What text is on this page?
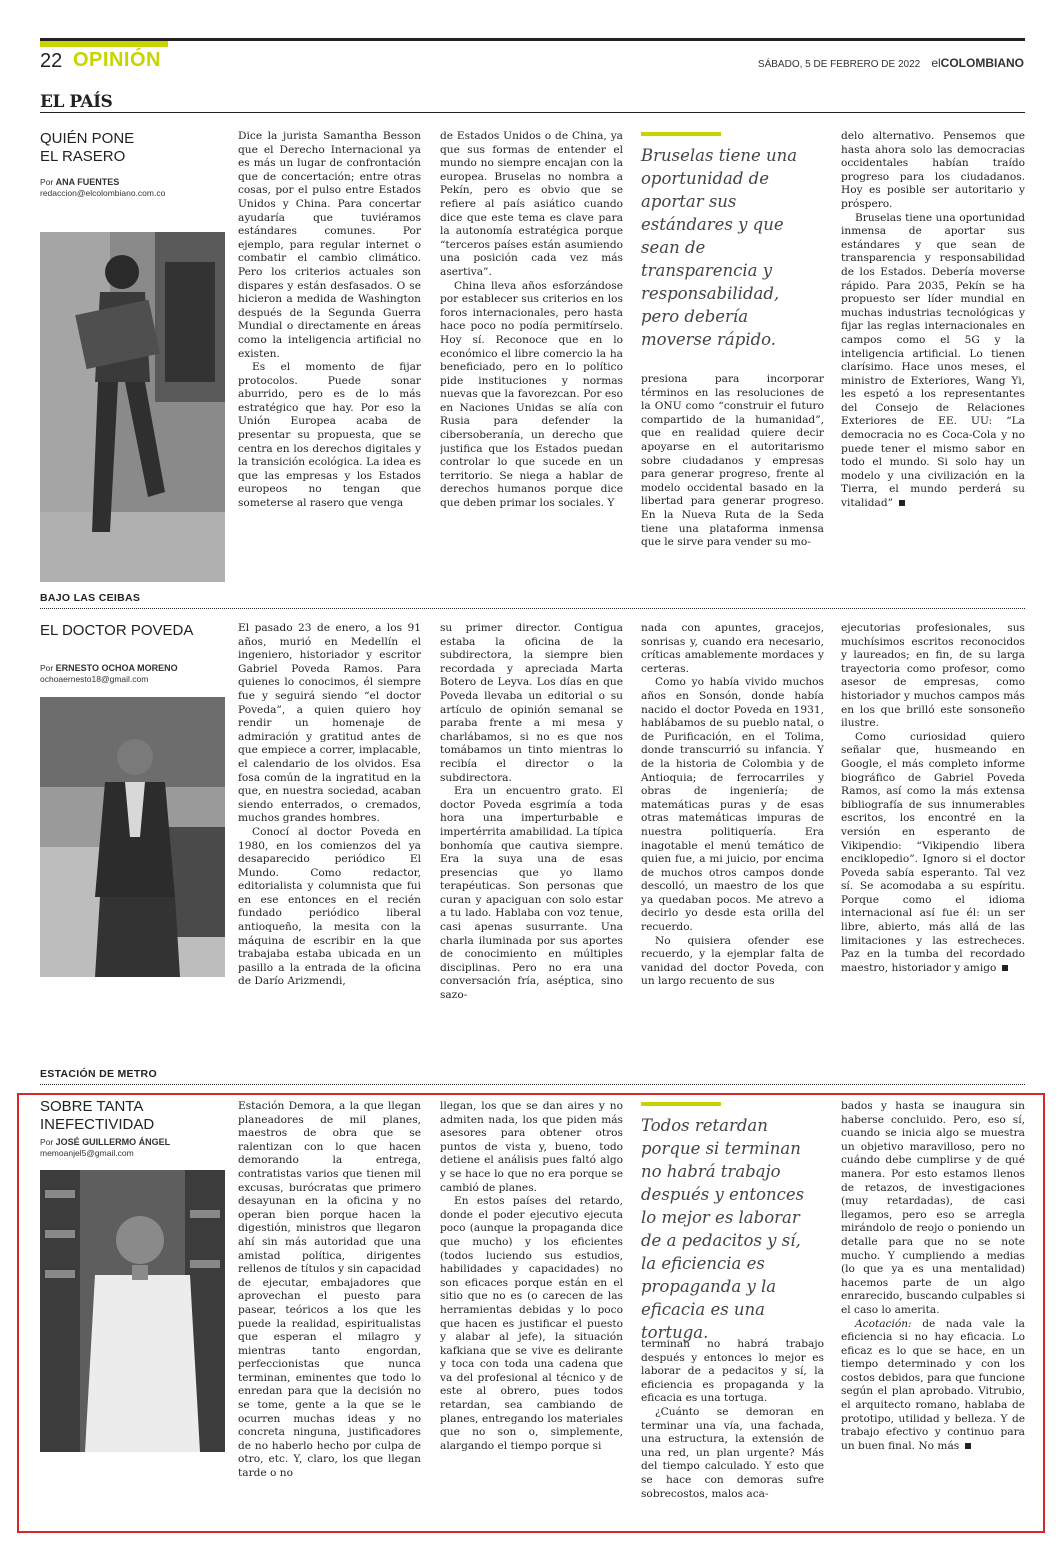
22 OPINIÓN	SÁBADO, 5 DE FEBRERO DE 2022 elCOLOMBIANO
EL PAÍS
QUIÉN PONE
EL RASERO
Por ANA FUENTES
redaccion@elcolombiano.com.co

Dice la jurista Samantha Besson que el Derecho Internacional ya es más un lugar de confrontación que de concertación; entre otras cosas, por el pulso entre Estados Unidos y China. Para concertar ayudaría que tuviéramos estándares comunes. Por ejemplo, para regular internet o combatir el cambio climático. Pero los criterios actuales son dispares y están desfasados. O se hicieron a medida de Washington después de la Segunda Guerra Mundial o directamente en áreas como la inteligencia artificial no existen.

Es el momento de fijar protocolos. Puede sonar aburrido, pero es de lo más estratégico que hay. Por eso la Unión Europea acaba de presentar su propuesta, que se centra en los derechos digitales y la transición ecológica. La idea es que las empresas y los Estados europeos no tengan que someterse al rasero que venga

de Estados Unidos o de China, ya que sus formas de entender el mundo no siempre encajan con la europea. Bruselas no nombra a Pekín, pero es obvio que se refiere al país asiático cuando dice que este tema es clave para la autonomía estratégica porque “terceros países están asumiendo una posición cada vez más asertiva”.

China lleva años esforzándose por establecer sus criterios en los foros internacionales, pero hasta hace poco no podía permitírselo. Hoy sí. Reconoce que en lo económico el libre comercio la ha beneficiado, pero en lo político pide instituciones y normas nuevas que la favorezcan. Por eso en Naciones Unidas se alía con Rusia para defender la cibersoberanía, un derecho que justifica que los Estados puedan controlar lo que sucede en un territorio. Se niega a hablar de derechos humanos porque dice que deben primar los sociales. Y

Bruselas tiene una oportunidad de aportar sus estándares y que sean de transparencia y responsabilidad, pero debería moverse rápido.

presiona para incorporar términos en las resoluciones de la ONU como “construir el futuro compartido de la humanidad”, que en realidad quiere decir apoyarse en el autoritarismo sobre ciudadanos y empresas para generar progreso, frente al modelo occidental basado en la libertad para generar progreso. En la Nueva Ruta de la Seda tiene una plataforma inmensa que le sirve para vender su mo-

delo alternativo. Pensemos que hasta ahora solo las democracias occidentales habían traído progreso para los ciudadanos. Hoy es posible ser autoritario y próspero.

Bruselas tiene una oportunidad inmensa de aportar sus estándares y que sean de transparencia y responsabilidad de los Estados. Debería moverse rápido. Para 2035, Pekín se ha propuesto ser líder mundial en muchas industrias tecnológicas y fijar las reglas internacionales en campos como el 5G y la inteligencia artificial. Lo tienen clarísimo. Hace unos meses, el ministro de Exteriores, Wang Yi, les espetó a los representantes del Consejo de Relaciones Exteriores de EE. UU: “La democracia no es Coca-Cola y no puede tener el mismo sabor en todo el mundo. Si solo hay un modelo y una civilización en la Tierra, el mundo perderá su vitalidad”

BAJO LAS CEIBAS
EL DOCTOR POVEDA
Por ERNESTO OCHOA MORENO
ochoaernesto18@gmail.com

El pasado 23 de enero, a los 91 años, murió en Medellín el ingeniero, historiador y escritor Gabriel Poveda Ramos. Para quienes lo conocimos, él siempre fue y seguirá siendo “el doctor Poveda”, a quien quiero hoy rendir un homenaje de admiración y gratitud antes de que empiece a correr, implacable, el calendario de los olvidos. Esa fosa común de la ingratitud en la que, en nuestra sociedad, acaban siendo enterrados, o cremados, muchos grandes hombres.

Conocí al doctor Poveda en 1980, en los comienzos del ya desaparecido periódico El Mundo. Como redactor, editorialista y columnista que fui en ese entonces en el recién fundado periódico liberal antioqueño, la mesita con la máquina de escribir en la que trabajaba estaba ubicada en un pasillo a la entrada de la oficina de Darío Arizmendi,

su primer director. Contigua estaba la oficina de la subdirectora, la siempre bien recordada y apreciada Marta Botero de Leyva. Los días en que Poveda llevaba un editorial o su artículo de opinión semanal se paraba frente a mi mesa y charlábamos, si no es que nos tomábamos un tinto mientras lo recibía el director o la subdirectora.

Era un encuentro grato. El doctor Poveda esgrimía a toda hora una imperturbable e impertérrita amabilidad. La típica bonhomía que cautiva siempre. Era la suya una de esas presencias que yo llamo terapéuticas. Son personas que curan y apaciguan con solo estar a tu lado. Hablaba con voz tenue, casi apenas susurrante. Una charla iluminada por sus aportes de conocimiento en múltiples disciplinas. Pero no era una conversación fría, aséptica, sino sazo-

nada con apuntes, gracejos, sonrisas y, cuando era necesario, críticas amablemente mordaces y certeras.

Como yo había vivido muchos años en Sonsón, donde había nacido el doctor Poveda en 1931, hablábamos de su pueblo natal, o de Purificación, en el Tolima, donde transcurrió su infancia. Y de la historia de Colombia y de Antioquia; de ferrocarriles y obras de ingeniería; de matemáticas puras y de esas otras matemáticas impuras de nuestra politiquería. Era inagotable el menú temático de quien fue, a mi juicio, por encima de muchos otros campos donde descolló, un maestro de los que ya quedaban pocos. Me atrevo a decirlo yo desde esta orilla del recuerdo.

No quisiera ofender ese recuerdo, y la ejemplar falta de vanidad del doctor Poveda, con un largo recuento de sus

ejecutorias profesionales, sus muchísimos escritos reconocidos y laureados; en fin, de su larga trayectoria como profesor, como asesor de empresas, como historiador y muchos campos más en los que brilló este sonsoneño ilustre.

Como curiosidad quiero señalar que, husmeando en Google, el más completo informe biográfico de Gabriel Poveda Ramos, así como la más extensa bibliografía de sus innumerables escritos, los encontré en la versión en esperanto de Vikipendio: “Vikipendio libera enciklopedio”. Ignoro si el doctor Poveda sabía esperanto. Tal vez sí. Se acomodaba a su espíritu. Porque como el idioma internacional así fue él: un ser libre, abierto, más allá de las limitaciones y las estrecheces. Paz en la tumba del recordado maestro, historiador y amigo

ESTACIÓN DE METRO
SOBRE TANTA
INEFECTIVIDAD
Por JOSÉ GUILLERMO ÁNGEL
memoanjel5@gmail.com

Estación Demora, a la que llegan planeadores de mil planes, maestros de obra que se ralentizan con lo que hacen demorando la entrega, contratistas varios que tienen mil excusas, burócratas que primero desayunan en la oficina y no operan bien porque hacen la digestión, ministros que llegaron ahí sin más autoridad que una amistad política, dirigentes rellenos de títulos y sin capacidad de ejecutar, embajadores que aprovechan el puesto para pasear, teóricos a los que les puede la realidad, espiritualistas que esperan el milagro y mientras tanto engordan, perfeccionistas que nunca terminan, eminentes que todo lo enredan para que la decisión no se tome, gente a la que se le ocurren muchas ideas y no concreta ninguna, justificadores de no haberlo hecho por culpa de otro, etc. Y, claro, los que llegan tarde o no

llegan, los que se dan aires y no admiten nada, los que piden más asesores para obtener otros puntos de vista y, bueno, todo detiene el análisis pues faltó algo y se hace lo que no era porque se cambió de planes.

En estos países del retardo, donde el poder ejecutivo ejecuta poco (aunque la propaganda dice que mucho) y los eficientes (todos luciendo sus estudios, habilidades y capacidades) no son eficaces porque están en el sitio que no es (o carecen de las herramientas debidas y lo poco que hacen es justificar el puesto y alabar al jefe), la situación kafkiana que se vive es delirante y toca con toda una cadena que va del profesional al técnico y de este al obrero, pues todos retardan, sea cambiando de planes, entregando los materiales que no son o, simplemente, alargando el tiempo porque si

Todos retardan porque si terminan no habrá trabajo después y entonces lo mejor es laborar de a pedacitos y sí, la eficiencia es propaganda y la eficacia es una tortuga.

terminan no habrá trabajo después y entonces lo mejor es laborar de a pedacitos y sí, la eficiencia es propaganda y la eficacia es una tortuga.

¿Cuánto se demoran en terminar una vía, una fachada, una estructura, la extensión de una red, un plan urgente? Más del tiempo calculado. Y esto que se hace con demoras sufre sobrecostos, malos aca-

bados y hasta se inaugura sin haberse concluido. Pero, eso sí, cuando se inicia algo se muestra un objetivo maravilloso, pero no cuándo debe cumplirse y de qué manera. Por esto estamos llenos de retazos, de investigaciones (muy retardadas), de casi llegamos, pero eso se arregla mirándolo de reojo o poniendo un detalle para que no se note mucho. Y cumpliendo a medias (lo que ya es una mentalidad) hacemos parte de un algo enrarecido, buscando culpables si el caso lo amerita.

Acotación: de nada vale la eficiencia si no hay eficacia. Lo eficaz es lo que se hace, en un tiempo determinado y con los costos debidos, para que funcione según el plan aprobado. Vitrubio, el arquitecto romano, hablaba de prototipo, utilidad y belleza. Y de trabajo efectivo y continuo para un buen final. No más
